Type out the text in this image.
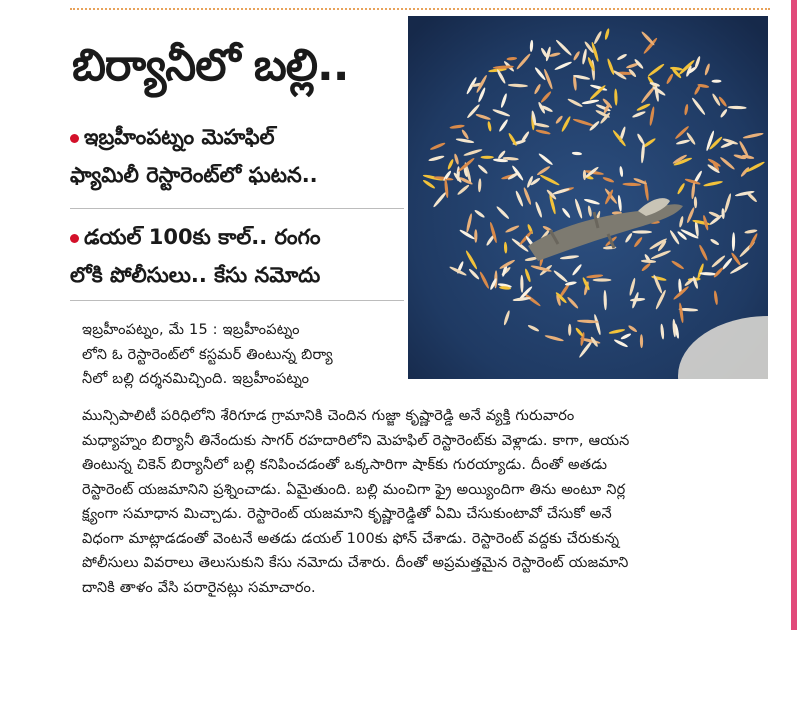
బిర్యానీలో బల్లి..
ఇబ్రహీంపట్నం మెహఫిల్
ఫ్యామిలీ రెస్టారెంట్‌లో ఘటన..
డయల్ 100కు కాల్.. రంగం
లోకి పోలీసులు.. కేసు నమోదు
ఇబ్రహీంపట్నం, మే 15 : ఇబ్రహీంపట్నం
లోని ఓ రెస్టారెంట్‌లో కస్టమర్ తింటున్న బిర్యా
నీలో బల్లి దర్శనమిచ్చింది. ఇబ్రహీంపట్నం
మున్సిపాలిటీ పరిధిలోని శేరిగూడ గ్రామానికి చెందిన గుజ్జా కృష్ణారెడ్డి అనే వ్యక్తి గురువారం
మధ్యాహ్నం బిర్యానీ తినేందుకు సాగర్ రహదారిలోని మెహఫిల్ రెస్టారెంట్‌కు వెళ్లాడు. కాగా, ఆయన
తింటున్న చికెన్ బిర్యానీలో బల్లి కనిపించడంతో ఒక్కసారిగా షాక్‌కు గురయ్యాడు. దీంతో అతడు
రెస్టారెంట్ యజమానిని ప్రశ్నించాడు. ఏమైతుంది. బల్లి మంచిగా ఫ్రై అయ్యిందిగా తిను అంటూ నిర్ల
క్ష్యంగా సమాధాన మిచ్చాడు. రెస్టారెంట్ యజమాని కృష్ణారెడ్డితో ఏమి చేసుకుంటావో చేసుకో అనే
విధంగా మాట్లాడడంతో వెంటనే అతడు డయల్ 100కు ఫోన్ చేశాడు. రెస్టారెంట్ వద్దకు చేరుకున్న
పోలీసులు వివరాలు తెలుసుకుని కేసు నమోదు చేశారు. దీంతో అప్రమత్తమైన రెస్టారెంట్ యజమాని
దానికి తాళం వేసి పరారైనట్లు సమాచారం.
